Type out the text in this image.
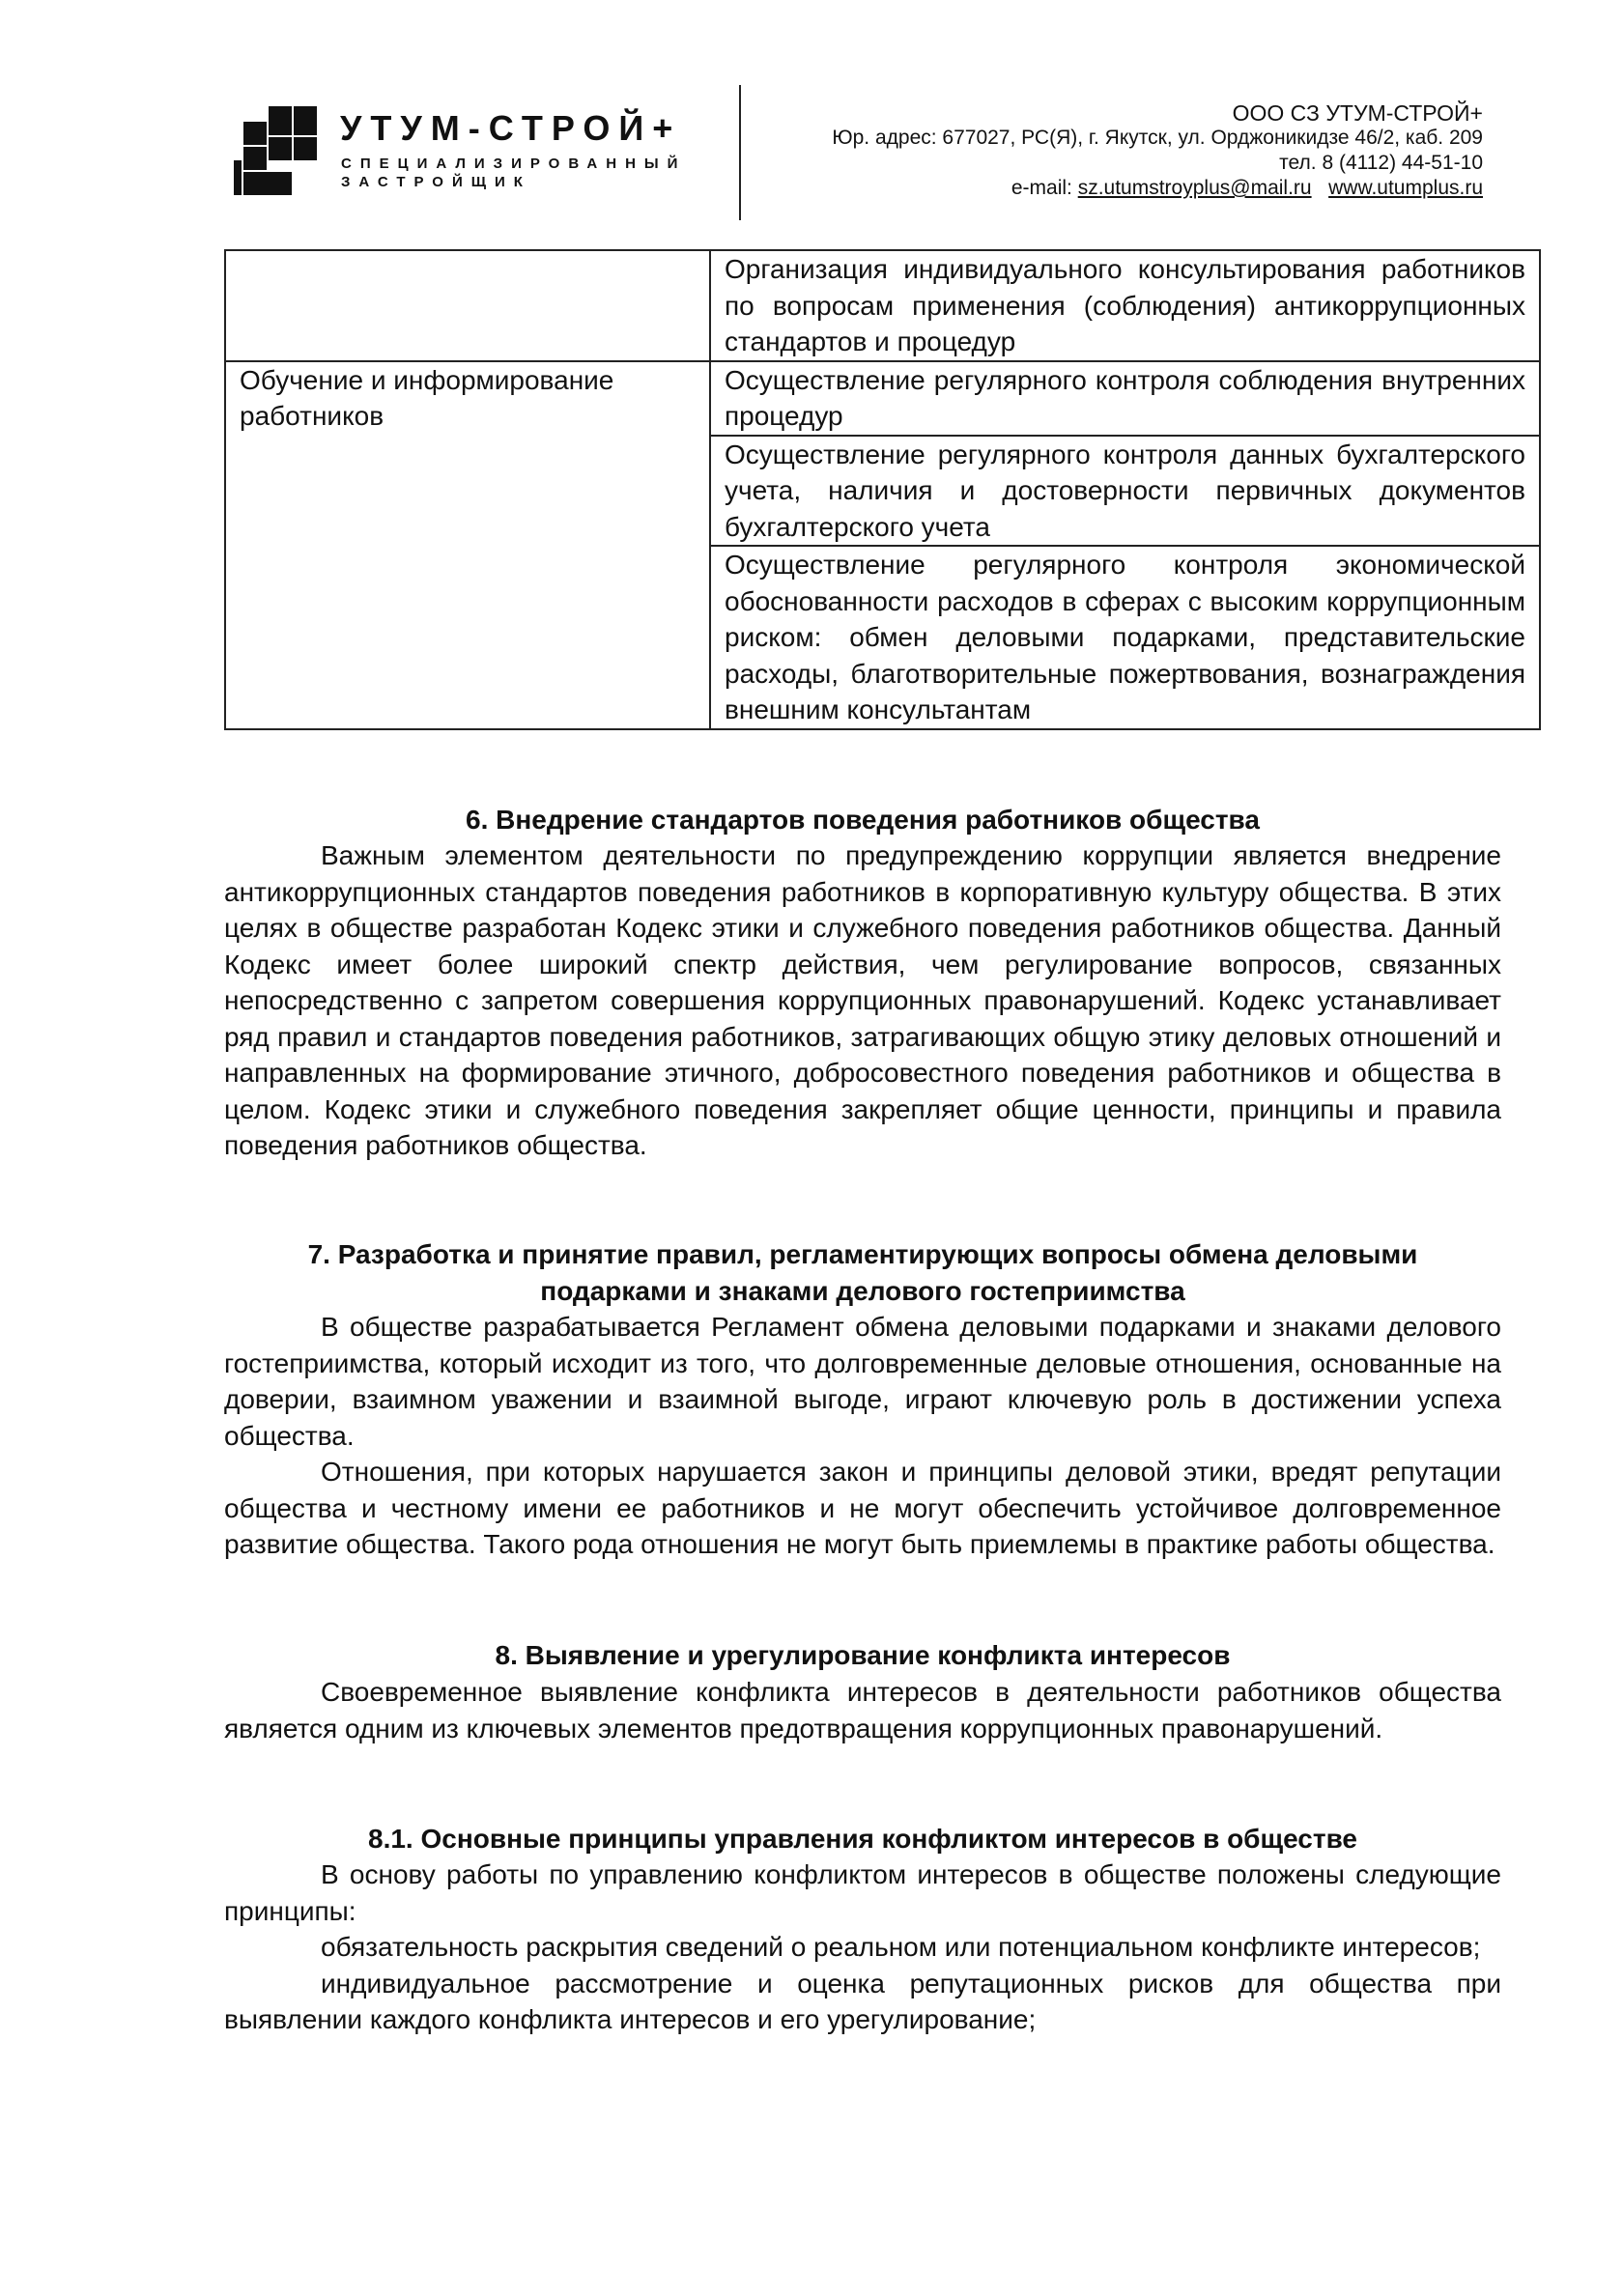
УТУМ-СТРОЙ+
СПЕЦИАЛИЗИРОВАННЫЙ
ЗАСТРОЙЩИК
ООО СЗ УТУМ-СТРОЙ+
Юр. адрес: 677027, РС(Я), г. Якутск, ул. Орджоникидзе 46/2, каб. 209
тел. 8 (4112) 44-51-10
e-mail: sz.utumstroyplus@mail.ru www.utumplus.ru
	Организация индивидуального консультирования работников по вопросам применения (соблюдения) антикоррупционных стандартов и процедур
Обучение и информирование работников	Осуществление регулярного контроля соблюдения внутренних процедур
	Осуществление регулярного контроля данных бухгалтерского учета, наличия и достоверности первичных документов бухгалтерского учета
	Осуществление регулярного контроля экономической обоснованности расходов в сферах с высоким коррупционным риском: обмен деловыми подарками, представительские расходы, благотворительные пожертвования, вознаграждения внешним консультантам
6. Внедрение стандартов поведения работников общества

Важным элементом деятельности по предупреждению коррупции является внедрение антикоррупционных стандартов поведения работников в корпоративную культуру общества. В этих целях в обществе разработан Кодекс этики и служебного поведения работников общества. Данный Кодекс имеет более широкий спектр действия, чем регулирование вопросов, связанных непосредственно с запретом совершения коррупционных правонарушений. Кодекс устанавливает ряд правил и стандартов поведения работников, затрагивающих общую этику деловых отношений и направленных на формирование этичного, добросовестного поведения работников и общества в целом. Кодекс этики и служебного поведения закрепляет общие ценности, принципы и правила поведения работников общества.

7. Разработка и принятие правил, регламентирующих вопросы обмена деловыми
подарками и знаками делового гостеприимства

В обществе разрабатывается Регламент обмена деловыми подарками и знаками делового гостеприимства, который исходит из того, что долговременные деловые отношения, основанные на доверии, взаимном уважении и взаимной выгоде, играют ключевую роль в достижении успеха общества.

Отношения, при которых нарушается закон и принципы деловой этики, вредят репутации общества и честному имени ее работников и не могут обеспечить устойчивое долговременное развитие общества. Такого рода отношения не могут быть приемлемы в практике работы общества.

8. Выявление и урегулирование конфликта интересов

Своевременное выявление конфликта интересов в деятельности работников общества является одним из ключевых элементов предотвращения коррупционных правонарушений.

8.1. Основные принципы управления конфликтом интересов в обществе

В основу работы по управлению конфликтом интересов в обществе положены следующие принципы:

обязательность раскрытия сведений о реальном или потенциальном конфликте интересов;

индивидуальное рассмотрение и оценка репутационных рисков для общества при выявлении каждого конфликта интересов и его урегулирование;
